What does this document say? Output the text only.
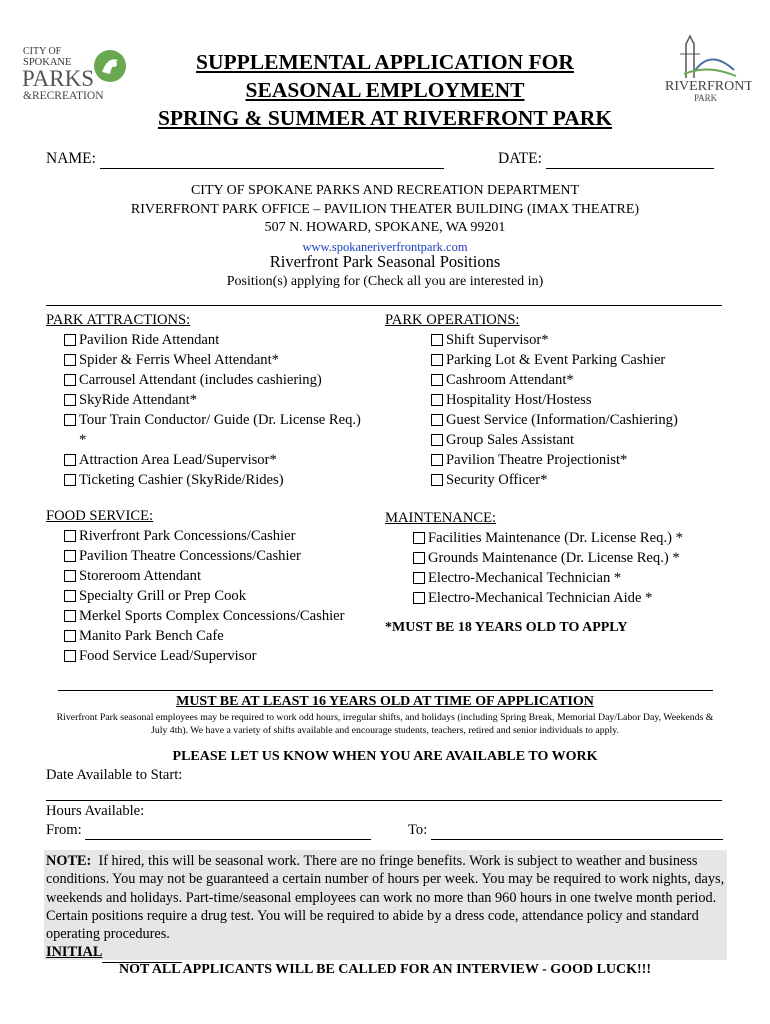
CITY OF
SPOKANE
PARKS
&RECREATION
RIVERFRONT
PARK
SUPPLEMENTAL APPLICATION FOR
SEASONAL EMPLOYMENT
SPRING & SUMMER AT RIVERFRONT PARK
NAME:	DATE:
CITY OF SPOKANE PARKS AND RECREATION DEPARTMENT
RIVERFRONT PARK OFFICE – PAVILION THEATER BUILDING (IMAX THEATRE)
507 N. HOWARD, SPOKANE, WA 99201
www.spokaneriverfrontpark.com
Riverfront Park Seasonal Positions
Position(s) applying for (Check all you are interested in)
PARK ATTRACTIONS:
Pavilion Ride Attendant
Spider & Ferris Wheel Attendant*
Carrousel Attendant (includes cashiering)
SkyRide Attendant*
Tour Train Conductor/ Guide (Dr. License Req.) *
Attraction Area Lead/Supervisor*
Ticketing Cashier (SkyRide/Rides)
PARK OPERATIONS:
Shift Supervisor*
Parking Lot & Event Parking Cashier
Cashroom Attendant*
Hospitality Host/Hostess
Guest Service (Information/Cashiering)
Group Sales Assistant
Pavilion Theatre Projectionist*
Security Officer*
FOOD SERVICE:
Riverfront Park Concessions/Cashier
Pavilion Theatre Concessions/Cashier
Storeroom Attendant
Specialty Grill or Prep Cook
Merkel Sports Complex Concessions/Cashier
Manito Park Bench Cafe
Food Service Lead/Supervisor
MAINTENANCE:
Facilities Maintenance (Dr. License Req.) *
Grounds Maintenance (Dr. License Req.) *
Electro-Mechanical Technician *
Electro-Mechanical Technician Aide *
*MUST BE 18 YEARS OLD TO APPLY
MUST BE AT LEAST 16 YEARS OLD AT TIME OF APPLICATION
Riverfront Park seasonal employees may be required to work odd hours, irregular shifts, and holidays (including Spring Break, Memorial Day/Labor Day, Weekends & July 4th). We have a variety of shifts available and encourage students, teachers, retired and senior individuals to apply.
PLEASE LET US KNOW WHEN YOU ARE AVAILABLE TO WORK
Date Available to Start:
Hours Available:
From:	To:
NOTE: If hired, this will be seasonal work. There are no fringe benefits. Work is subject to weather and business conditions. You may not be guaranteed a certain number of hours per week. You may be required to work nights, days, weekends and holidays. Part-time/seasonal employees can work no more than 960 hours in one twelve month period. Certain positions require a drug test. You will be required to abide by a dress code, attendance policy and standard operating procedures.
INITIAL
NOT ALL APPLICANTS WILL BE CALLED FOR AN INTERVIEW - GOOD LUCK!!!
